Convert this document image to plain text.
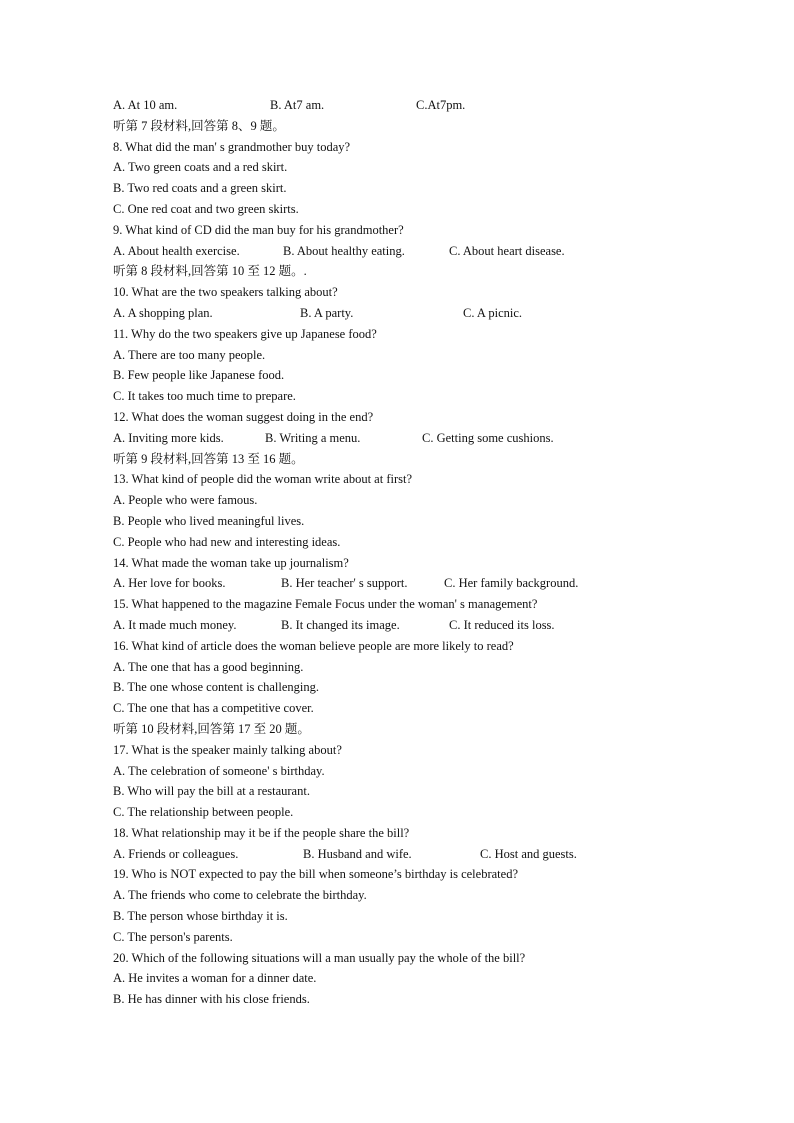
A. At 10 am.	B. At7 am.	C.At7pm.
听第 7 段材料,回答第 8、9 题。
8. What did the man' s grandmother buy today?
A. Two green coats and a red skirt.
B. Two red coats and a green skirt.
C. One red coat and two green skirts.
9. What kind of CD did the man buy for his grandmother?
A. About health exercise.	B. About healthy eating.	C. About heart disease.
听第 8 段材料,回答第 10 至 12 题。.
10. What are the two speakers talking about?
A. A shopping plan.	B. A party.	C. A picnic.
11. Why do the two speakers give up Japanese food?
A. There are too many people.
B. Few people like Japanese food.
C. It takes too much time to prepare.
12. What does the woman suggest doing in the end?
A. Inviting more kids.	B. Writing a menu.	C. Getting some cushions.
听第 9 段材料,回答第 13 至 16 题。
13. What kind of people did the woman write about at first?
A. People who were famous.
B. People who lived meaningful lives.
C. People who had new and interesting ideas.
14. What made the woman take up journalism?
A. Her love for books.	B. Her teacher' s support.	C. Her family background.
15. What happened to the magazine Female Focus under the woman' s management?
A. It made much money.	B. It changed its image.	C. It reduced its loss.
16. What kind of article does the woman believe people are more likely to read?
A. The one that has a good beginning.
B. The one whose content is challenging.
C. The one that has a competitive cover.
听第 10 段材料,回答第 17 至 20 题。
17. What is the speaker mainly talking about?
A. The celebration of someone' s birthday.
B. Who will pay the bill at a restaurant.
C. The relationship between people.
18. What relationship may it be if the people share the bill?
A. Friends or colleagues.	B. Husband and wife.	C. Host and guests.
19. Who is NOT expected to pay the bill when someone’s birthday is celebrated?
A. The friends who come to celebrate the birthday.
B. The person whose birthday it is.
C. The person's parents.
20. Which of the following situations will a man usually pay the whole of the bill?
A. He invites a woman for a dinner date.
B. He has dinner with his close friends.
